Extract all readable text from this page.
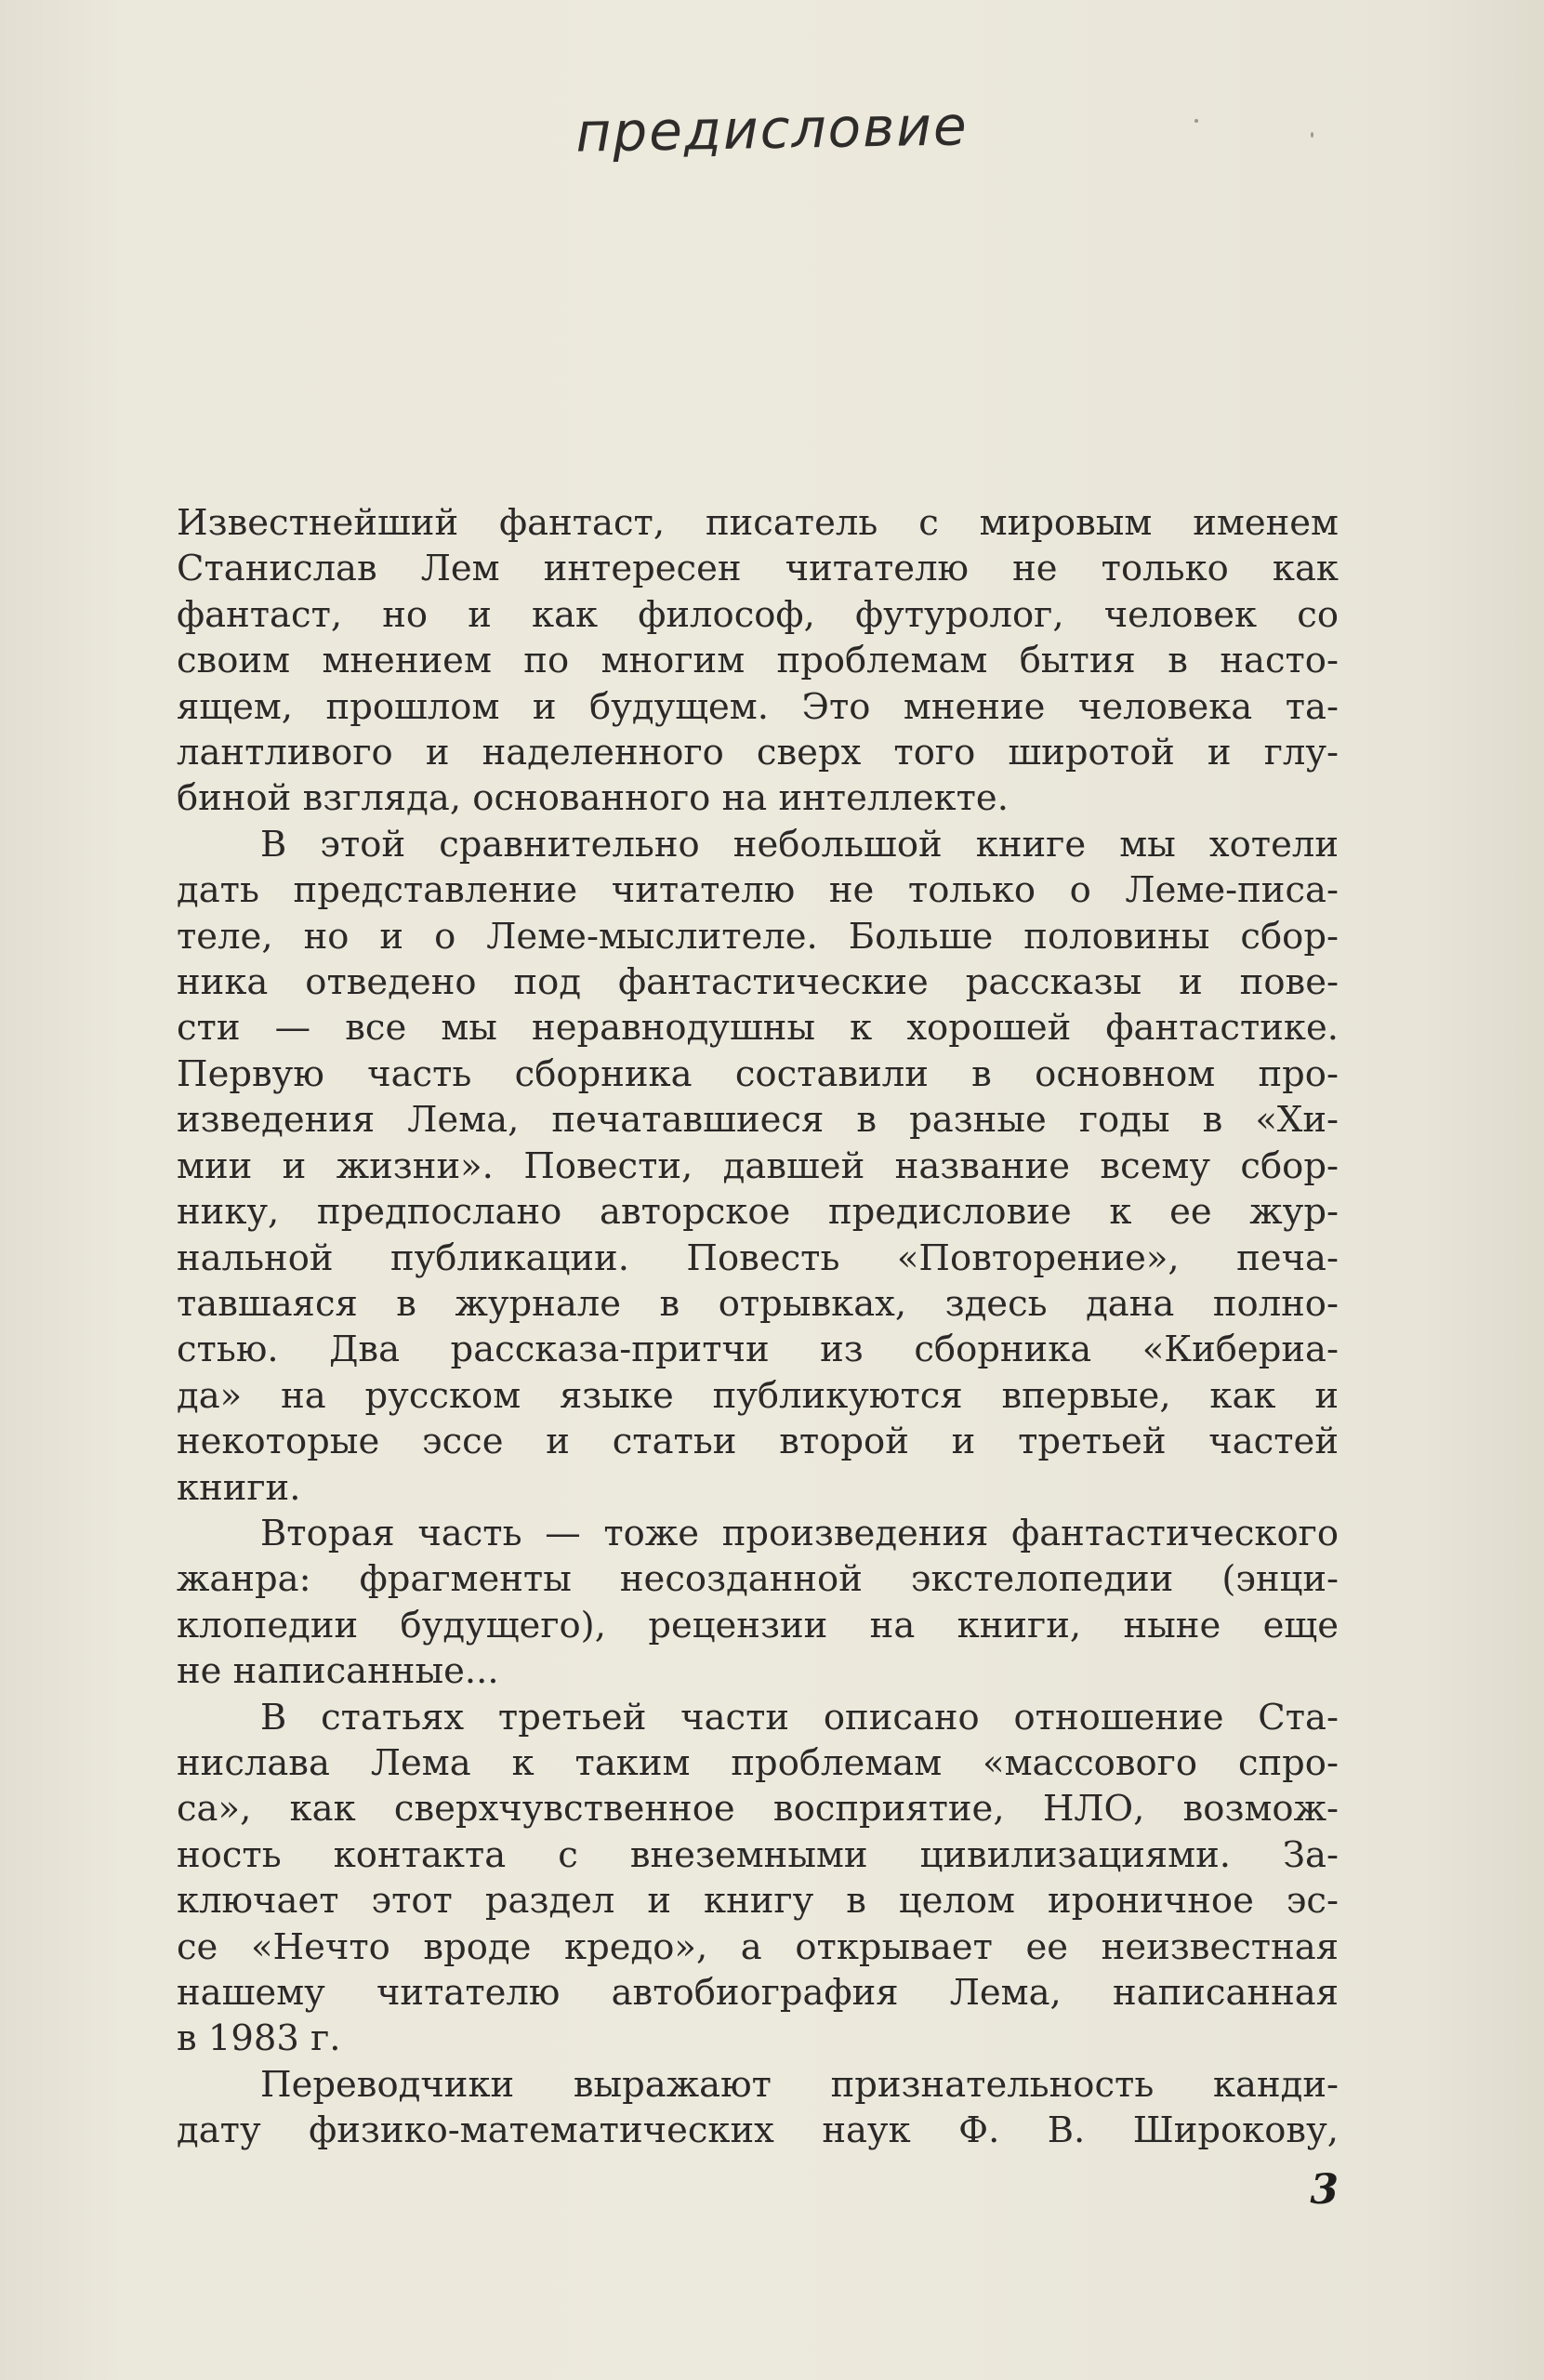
предисловие

Известнейший фантаст, писатель с мировым именем
Станислав Лем интересен читателю не только как
фантаст, но и как философ, футуролог, человек со
своим мнением по многим проблемам бытия в насто-
ящем, прошлом и будущем. Это мнение человека та-
лантливого и наделенного сверх того широтой и глу-
биной взгляда, основанного на интеллекте.

В этой сравнительно небольшой книге мы хотели
дать представление читателю не только о Леме-писа-
теле, но и о Леме-мыслителе. Больше половины сбор-
ника отведено под фантастические рассказы и пове-
сти — все мы неравнодушны к хорошей фантастике.
Первую часть сборника составили в основном про-
изведения Лема, печатавшиеся в разные годы в «Хи-
мии и жизни». Повести, давшей название всему сбор-
нику, предпослано авторское предисловие к ее жур-
нальной публикации. Повесть «Повторение», печа-
тавшаяся в журнале в отрывках, здесь дана полно-
стью. Два рассказа-притчи из сборника «Кибериа-
да» на русском языке публикуются впервые, как и
некоторые эссе и статьи второй и третьей частей
книги.

Вторая часть — тоже произведения фантастического
жанра: фрагменты несозданной экстелопедии (энци-
клопедии будущего), рецензии на книги, ныне еще
не написанные...

В статьях третьей части описано отношение Ста-
нислава Лема к таким проблемам «массового спро-
са», как сверхчувственное восприятие, НЛО, возмож-
ность контакта с внеземными цивилизациями. За-
ключает этот раздел и книгу в целом ироничное эс-
се «Нечто вроде кредо», а открывает ее неизвестная
нашему читателю автобиография Лема, написанная
в 1983 г.

Переводчики выражают признательность канди-
дату физико-математических наук Ф. В. Широкову,

3
